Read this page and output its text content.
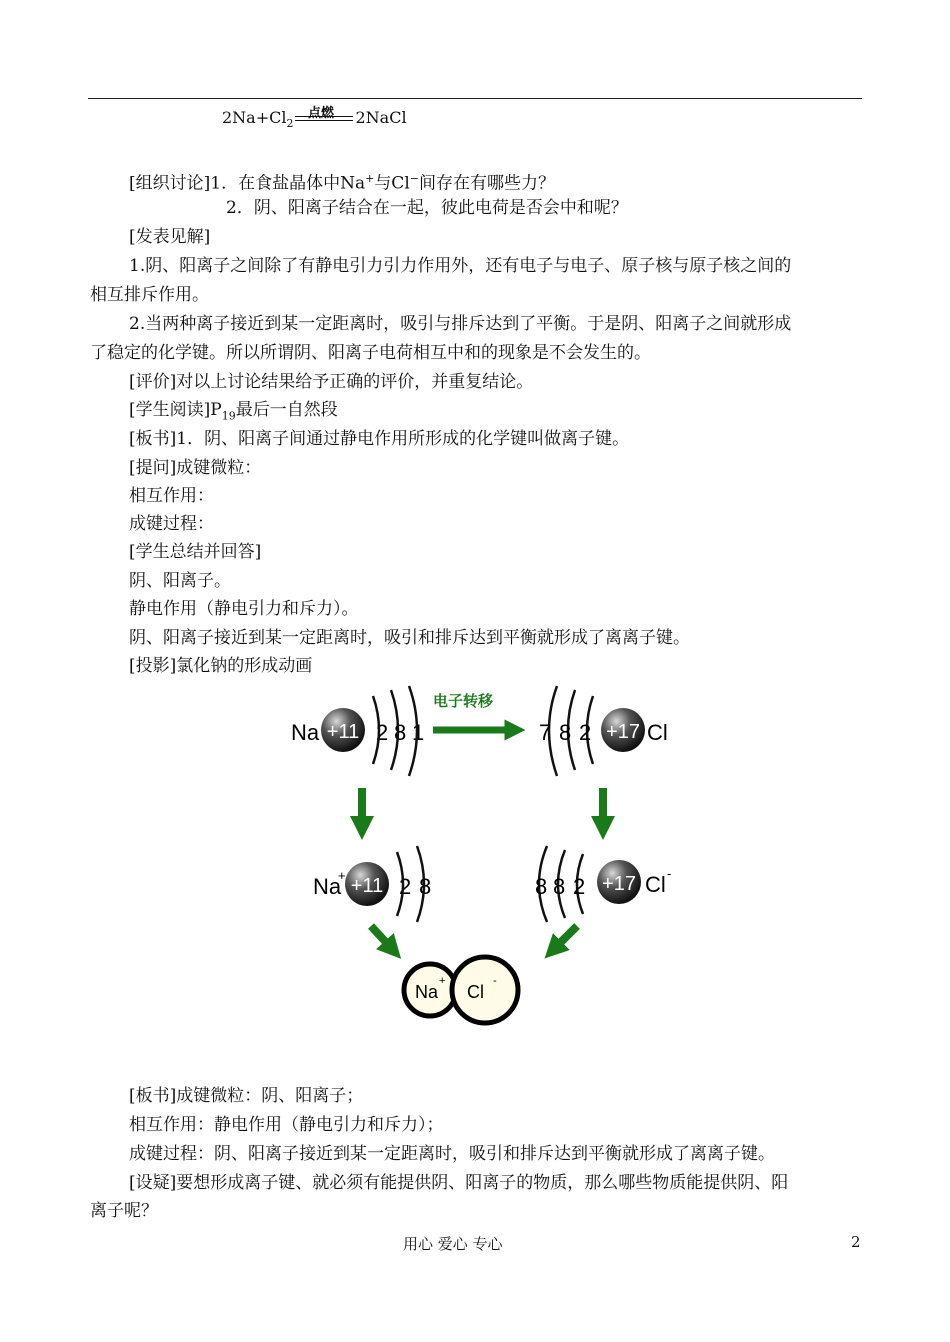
$2Na+Cl_2$	2NaCl
点燃
[组织讨论]1．在食盐晶体中Na+与Cl−间存在有哪些力？
2．阴、阳离子结合在一起，彼此电荷是否会中和呢？
[发表见解]
1.阴、阳离子之间除了有静电引力引力作用外，还有电子与电子、原子核与原子核之间的
相互排斥作用。
2.当两种离子接近到某一定距离时，吸引与排斥达到了平衡。于是阴、阳离子之间就形成
了稳定的化学键。所以所谓阴、阳离子电荷相互中和的现象是不会发生的。
[评价]对以上讨论结果给予正确的评价，并重复结论。
[学生阅读]$P_{19}$最后一自然段
[板书]1．阴、阳离子间通过静电作用所形成的化学键叫做离子键。
[提问]成键微粒：
相互作用：
成键过程：
[学生总结并回答]
阴、阳离子。
静电作用（静电引力和斥力）。
阴、阳离子接近到某一定距离时，吸引和排斥达到平衡就形成了离离子键。
[投影]氯化钠的形成动画
Na +11 2 8 1
电子转移
7 8 2 +17 Cl
Na
+ +11 2 8	8 8 2 +17 Cl -
Na
+
Cl
-
[板书]成键微粒：阴、阳离子；
相互作用：静电作用（静电引力和斥力）；
成键过程：阴、阳离子接近到某一定距离时，吸引和排斥达到平衡就形成了离离子键。
[设疑]要想形成离子键、就必须有能提供阴、阳离子的物质，那么哪些物质能提供阴、阳
离子呢？
用心 爱心 专心	2
